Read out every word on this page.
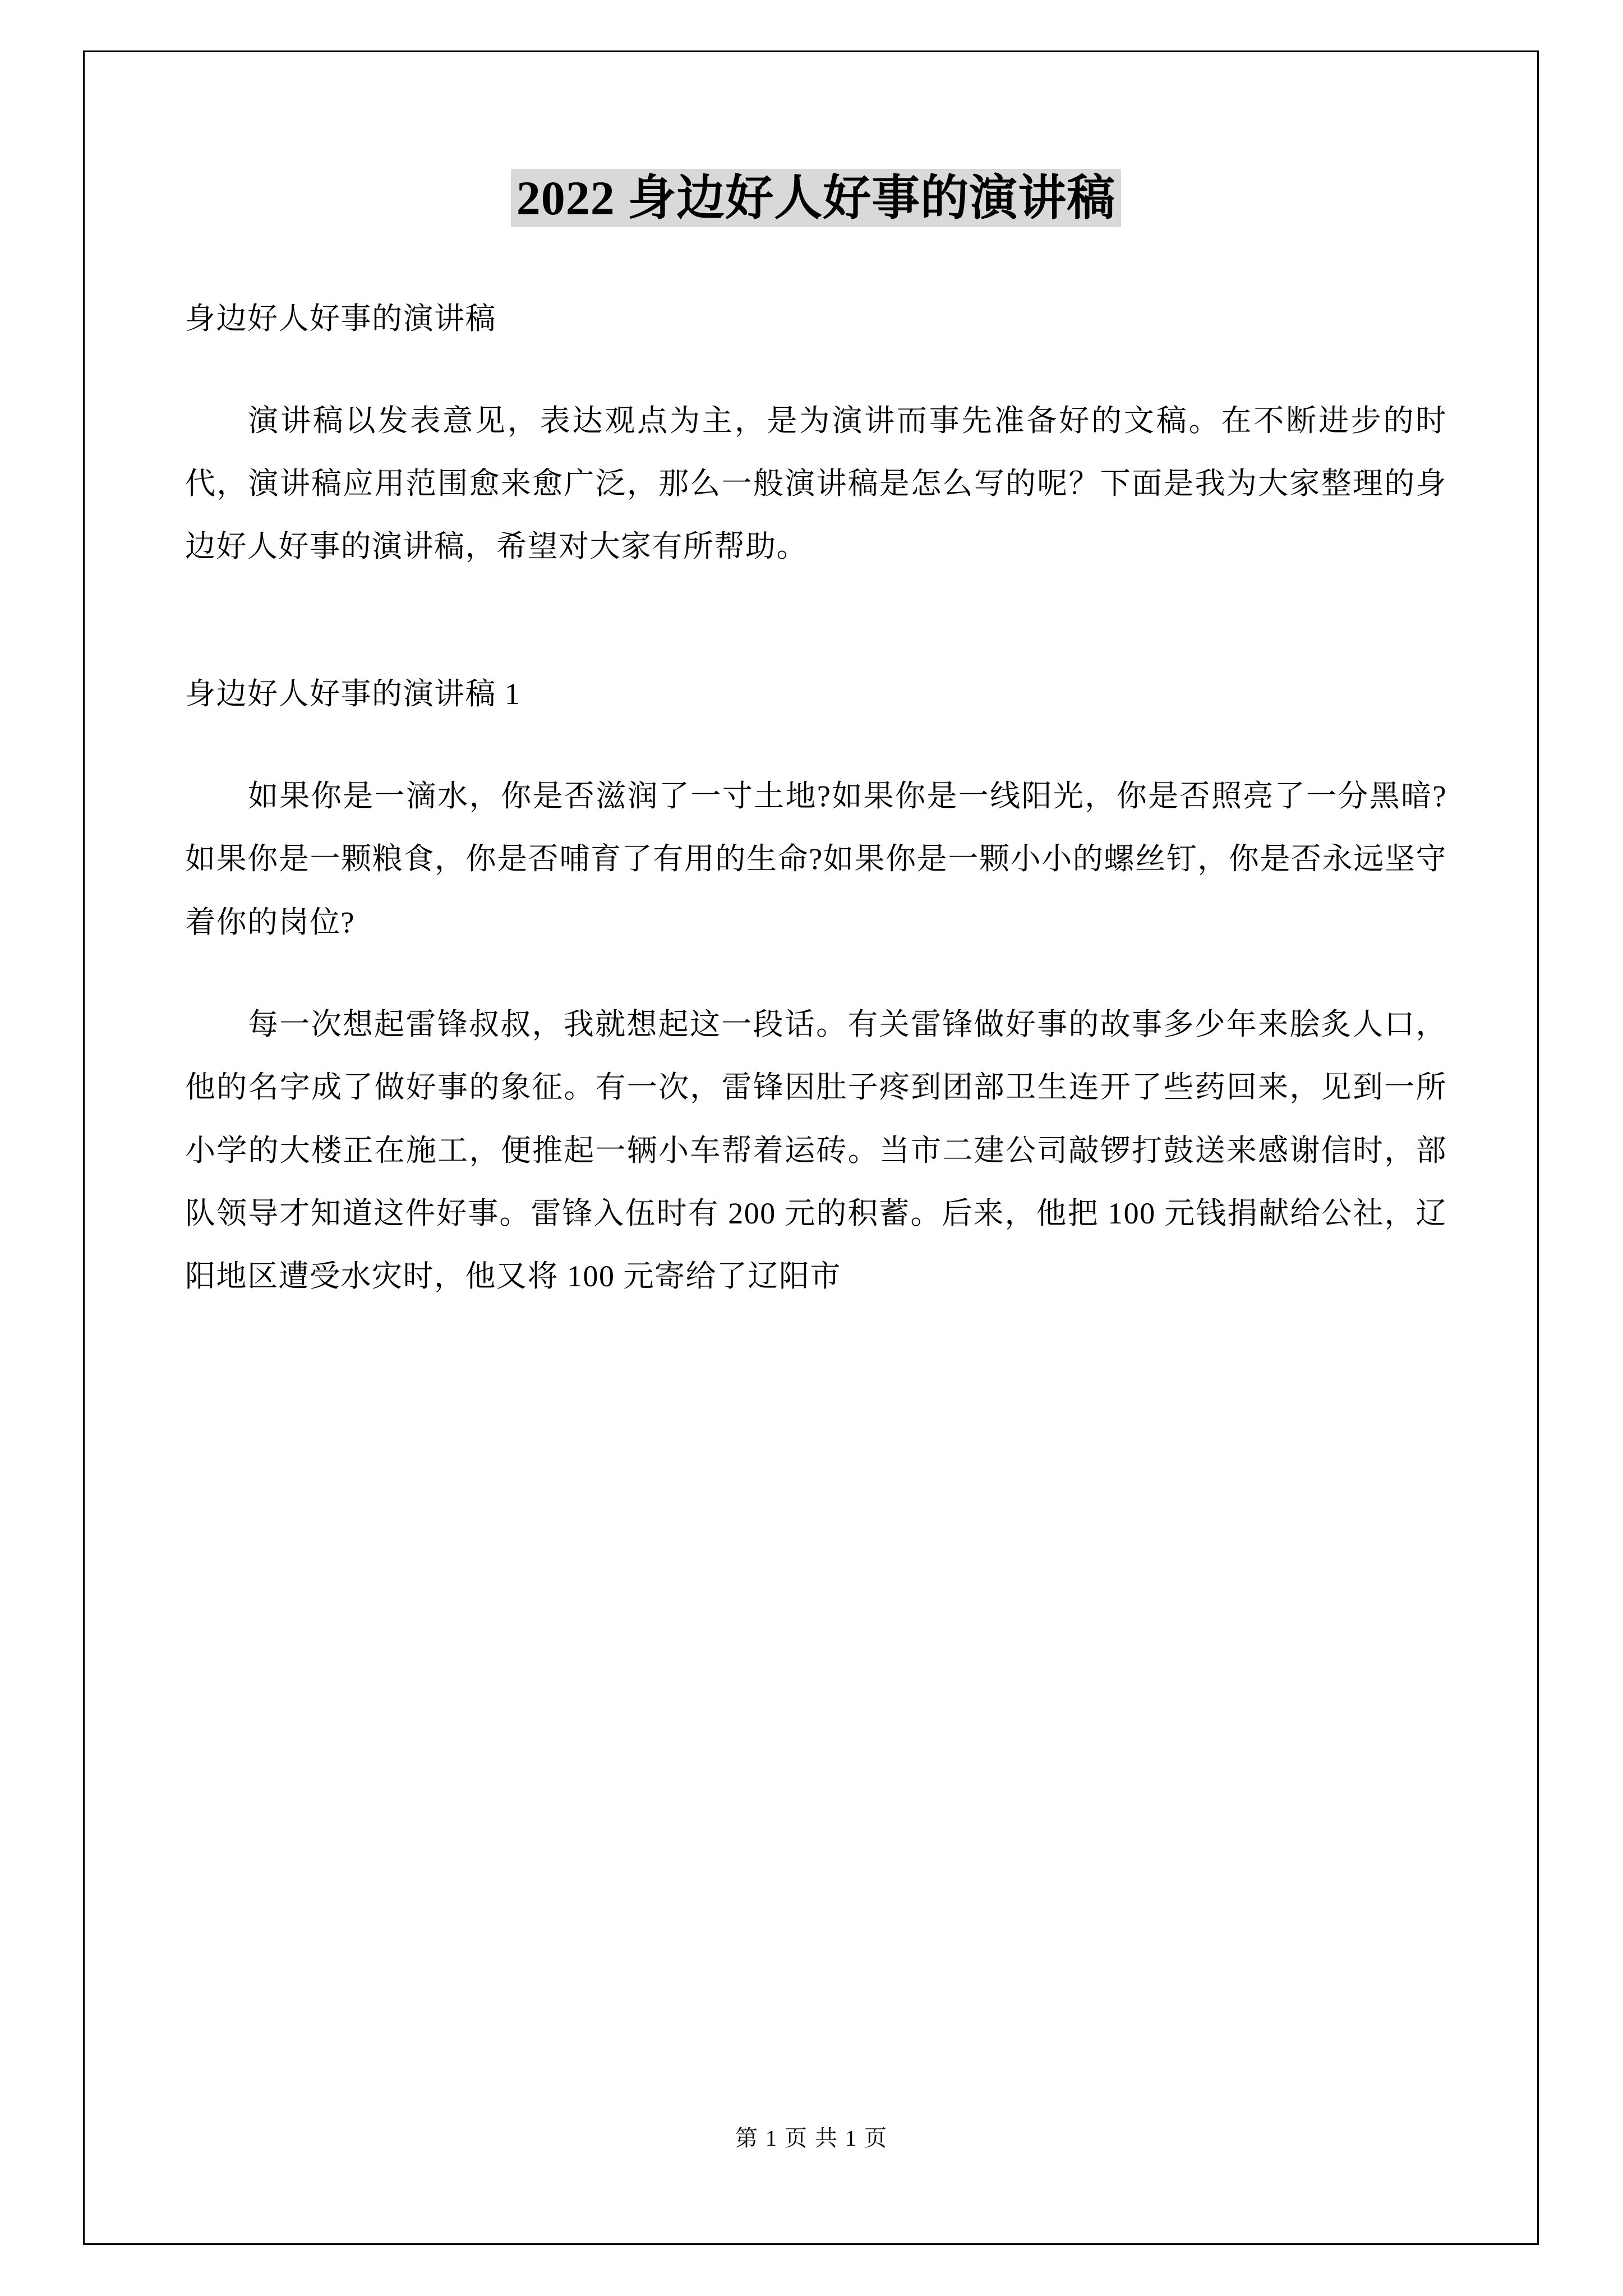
2022 身边好人好事的演讲稿

身边好人好事的演讲稿

演讲稿以发表意见，表达观点为主，是为演讲而事先准备好的文稿。在不断进步的时代，演讲稿应用范围愈来愈广泛，那么一般演讲稿是怎么写的呢？下面是我为大家整理的身边好人好事的演讲稿，希望对大家有所帮助。

身边好人好事的演讲稿 1

如果你是一滴水，你是否滋润了一寸土地?如果你是一线阳光，你是否照亮了一分黑暗?如果你是一颗粮食，你是否哺育了有用的生命?如果你是一颗小小的螺丝钉，你是否永远坚守着你的岗位?

每一次想起雷锋叔叔，我就想起这一段话。有关雷锋做好事的故事多少年来脍炙人口，他的名字成了做好事的象征。有一次，雷锋因肚子疼到团部卫生连开了些药回来，见到一所小学的大楼正在施工，便推起一辆小车帮着运砖。当市二建公司敲锣打鼓送来感谢信时，部队领导才知道这件好事。雷锋入伍时有 200 元的积蓄。后来，他把 100 元钱捐献给公社，辽阳地区遭受水灾时，他又将 100 元寄给了辽阳市

第 1 页 共 1 页
